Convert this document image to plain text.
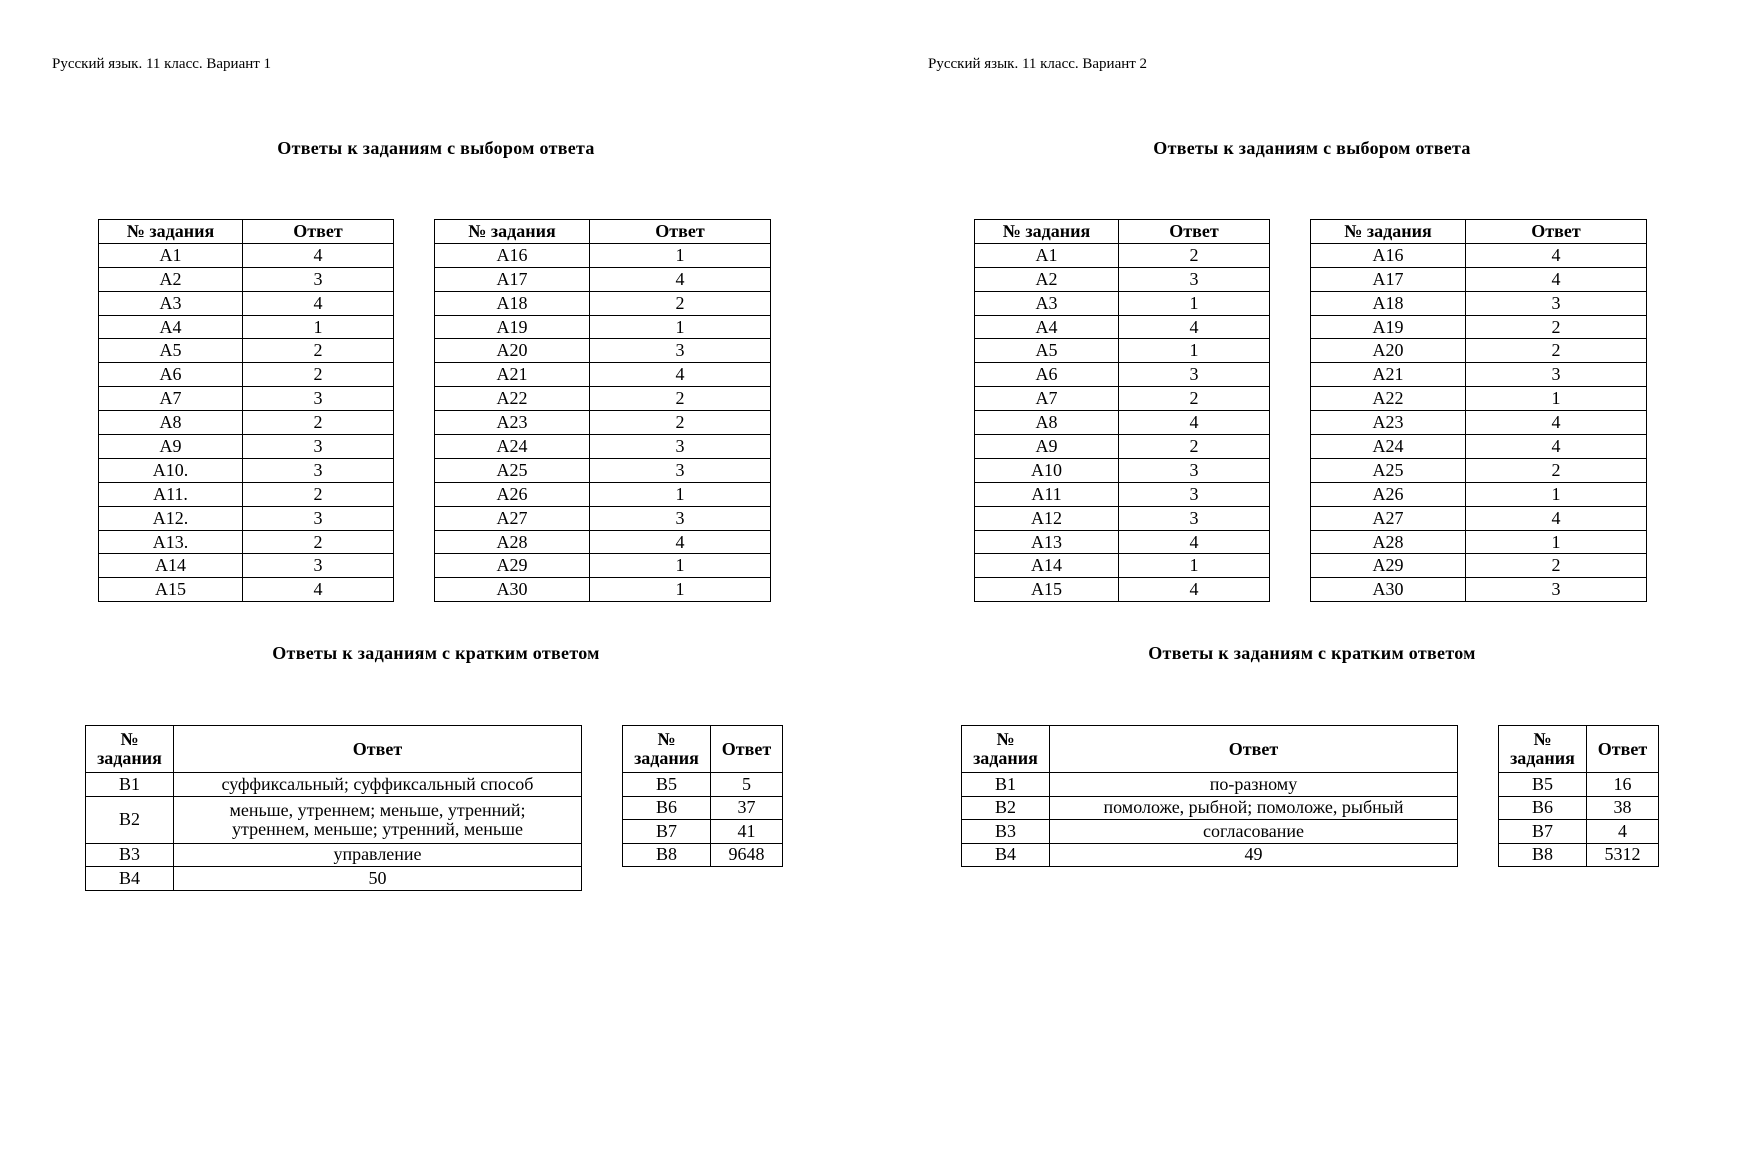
Русский язык. 11 класс. Вариант 1
Ответы к заданиям с выбором ответа
№ задания	Ответ
А1	4
А2	3
А3	4
А4	1
А5	2
А6	2
А7	3
А8	2
А9	3
А10.	3
А11.	2
А12.	3
А13.	2
А14	3
А15	4
№ задания	Ответ
А16	1
А17	4
А18	2
А19	1
А20	3
А21	4
А22	2
А23	2
А24	3
А25	3
А26	1
А27	3
А28	4
А29	1
А30	1
Ответы к заданиям с кратким ответом
№
задания	Ответ
В1	суффиксальный; суффиксальный способ
В2	меньше, утреннем; меньше, утренний;
утреннем, меньше; утренний, меньше

В3	управление
В4	50
№
задания	Ответ
В5	5
В6	37
В7	41
В8	9648
Русский язык. 11 класс. Вариант 2
Ответы к заданиям с выбором ответа
№ задания	Ответ
А1	2
А2	3
А3	1
А4	4
А5	1
А6	3
А7	2
А8	4
А9	2
А10	3
А11	3
А12	3
А13	4
А14	1
А15	4
№ задания	Ответ
А16	4
А17	4
А18	3
А19	2
А20	2
А21	3
А22	1
А23	4
А24	4
А25	2
А26	1
А27	4
А28	1
А29	2
А30	3
Ответы к заданиям с кратким ответом
№
задания	Ответ
В1	по-разному
В2	помоложе, рыбной; помоложе, рыбный
В3	согласование
В4	49
№
задания	Ответ
В5	16
В6	38
В7	4
В8	5312
